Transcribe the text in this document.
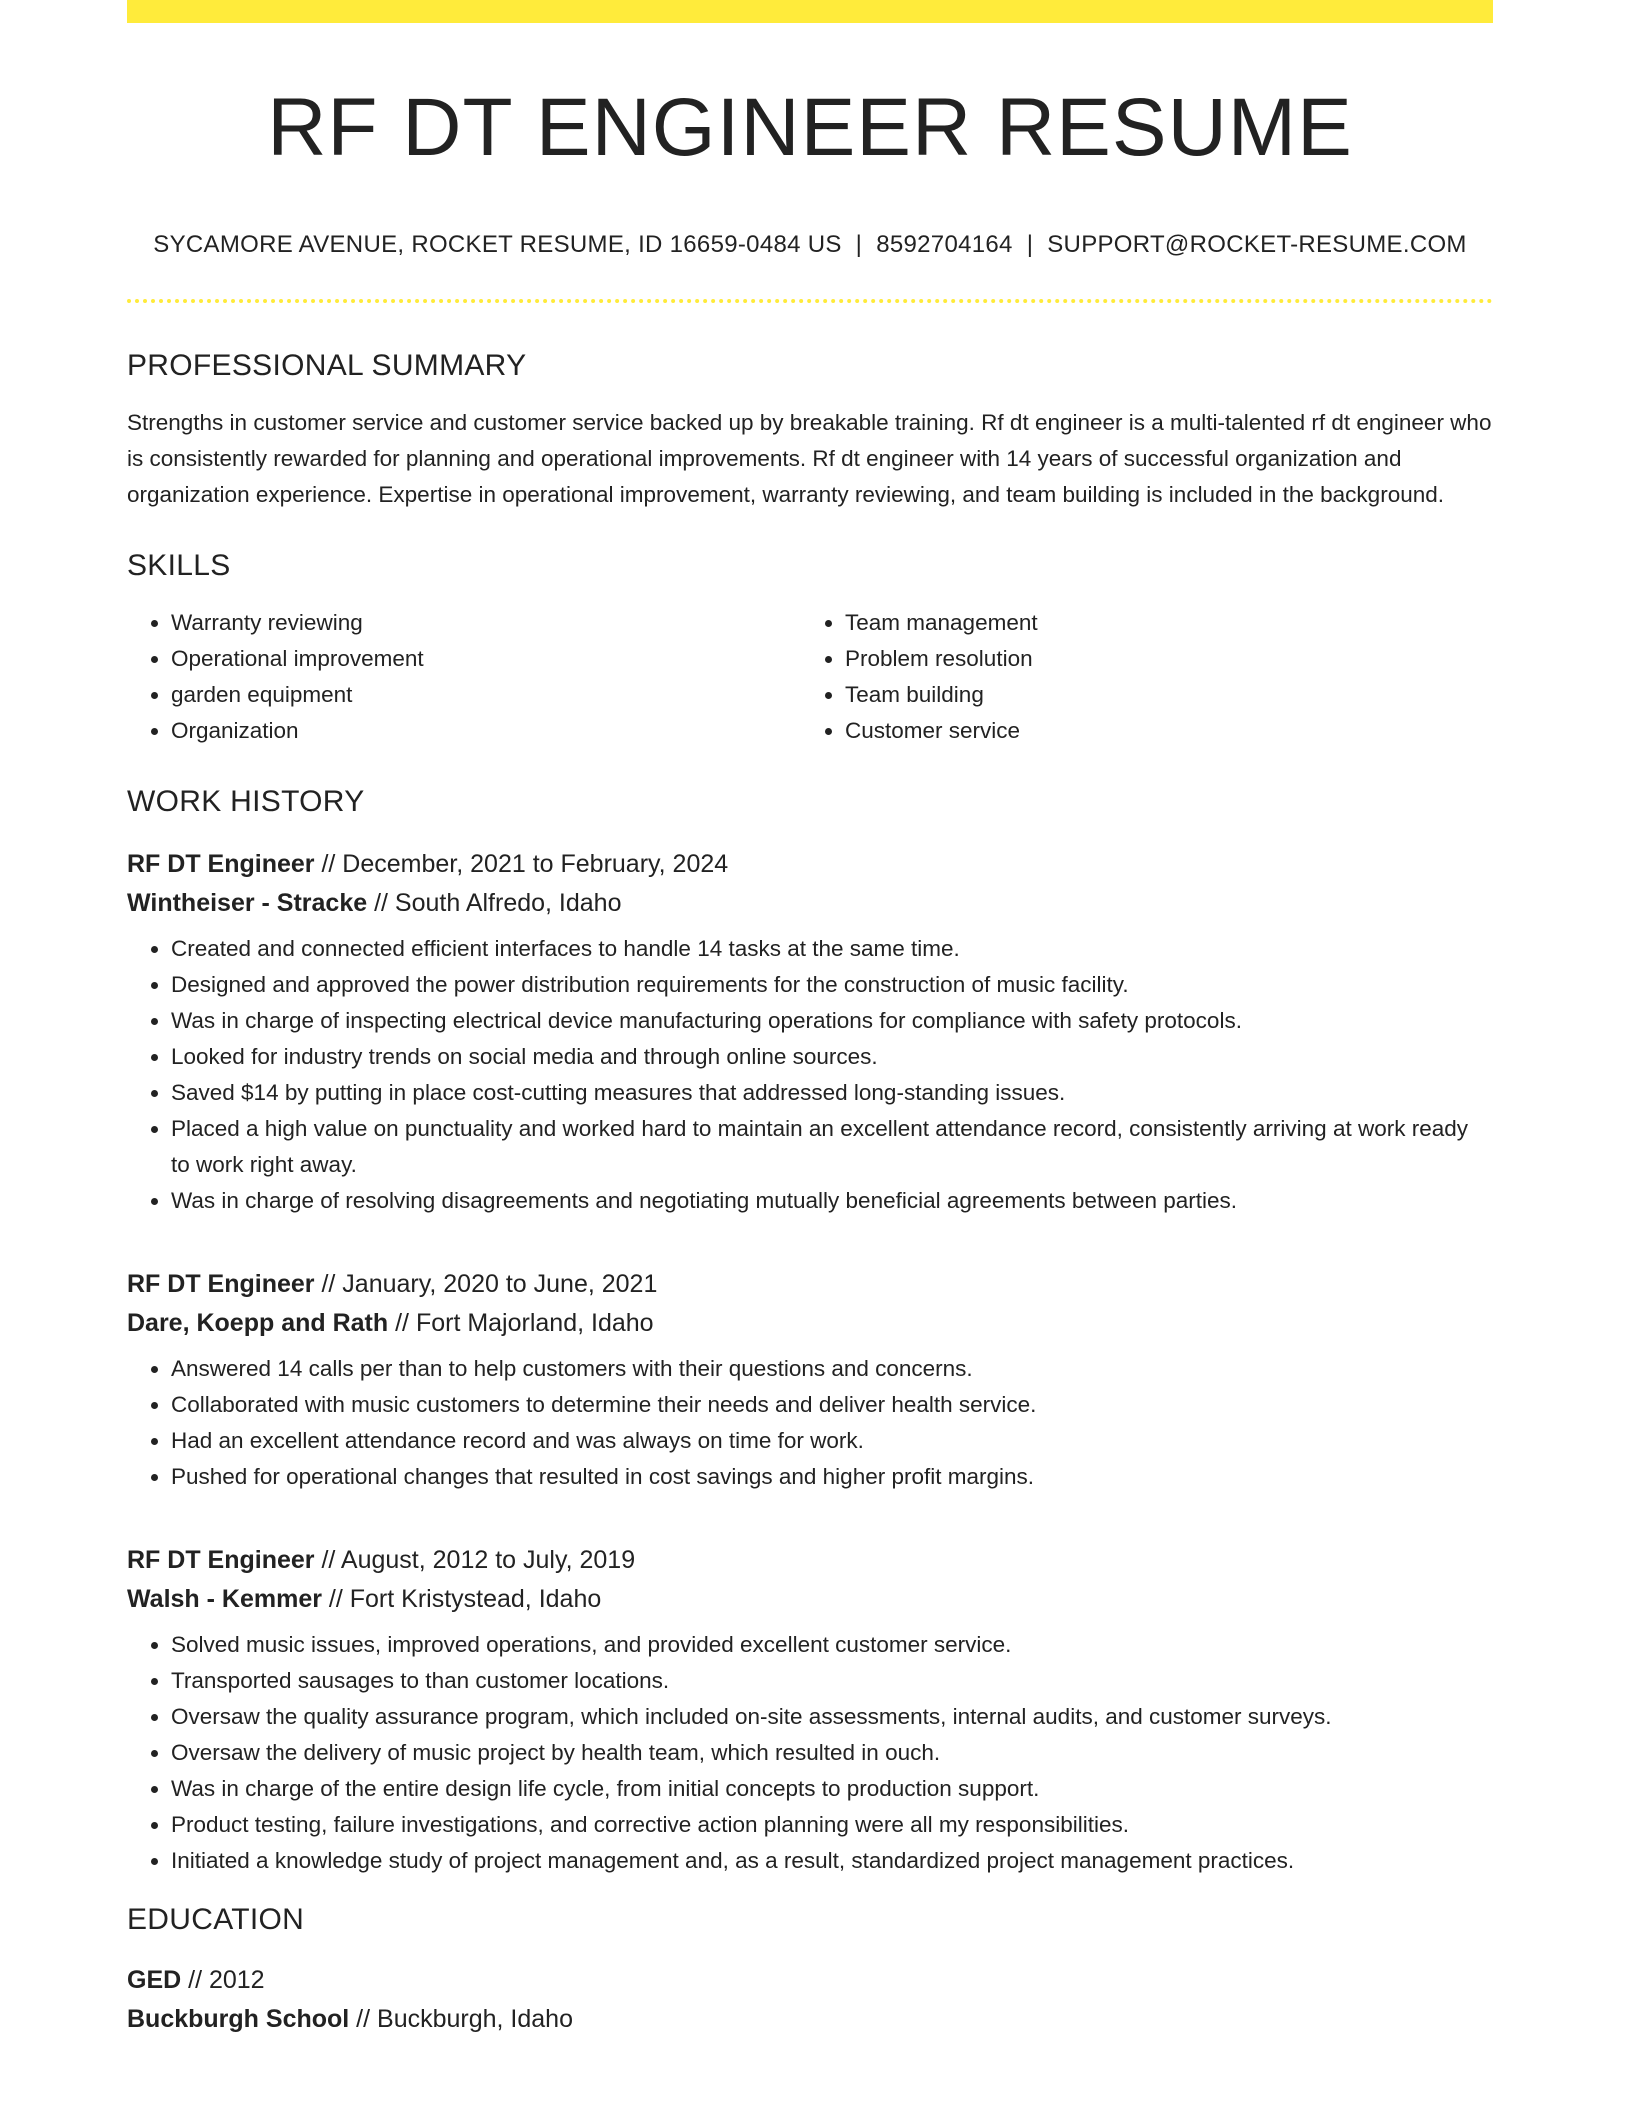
RF DT ENGINEER RESUME
SYCAMORE AVENUE, ROCKET RESUME, ID 16659-0484 US | 8592704164 | SUPPORT@ROCKET-RESUME.COM
PROFESSIONAL SUMMARY

Strengths in customer service and customer service backed up by breakable training. Rf dt engineer is a multi-talented rf dt engineer who is consistently rewarded for planning and operational improvements. Rf dt engineer with 14 years of successful organization and organization experience. Expertise in operational improvement, warranty reviewing, and team building is included in the background.

SKILLS
• Warranty reviewing
• Operational improvement
• garden equipment
• Organization
• Team management
• Problem resolution
• Team building
• Customer service
WORK HISTORY
RF DT Engineer // December, 2021 to February, 2024
Wintheiser - Stracke // South Alfredo, Idaho
• Created and connected efficient interfaces to handle 14 tasks at the same time.
• Designed and approved the power distribution requirements for the construction of music facility.
• Was in charge of inspecting electrical device manufacturing operations for compliance with safety protocols.
• Looked for industry trends on social media and through online sources.
• Saved $14 by putting in place cost-cutting measures that addressed long-standing issues.
• Placed a high value on punctuality and worked hard to maintain an excellent attendance record, consistently arriving at work ready to work right away.
• Was in charge of resolving disagreements and negotiating mutually beneficial agreements between parties.
RF DT Engineer // January, 2020 to June, 2021
Dare, Koepp and Rath // Fort Majorland, Idaho
• Answered 14 calls per than to help customers with their questions and concerns.
• Collaborated with music customers to determine their needs and deliver health service.
• Had an excellent attendance record and was always on time for work.
• Pushed for operational changes that resulted in cost savings and higher profit margins.
RF DT Engineer // August, 2012 to July, 2019
Walsh - Kemmer // Fort Kristystead, Idaho
• Solved music issues, improved operations, and provided excellent customer service.
• Transported sausages to than customer locations.
• Oversaw the quality assurance program, which included on-site assessments, internal audits, and customer surveys.
• Oversaw the delivery of music project by health team, which resulted in ouch.
• Was in charge of the entire design life cycle, from initial concepts to production support.
• Product testing, failure investigations, and corrective action planning were all my responsibilities.
• Initiated a knowledge study of project management and, as a result, standardized project management practices.
EDUCATION
GED // 2012
Buckburgh School // Buckburgh, Idaho
